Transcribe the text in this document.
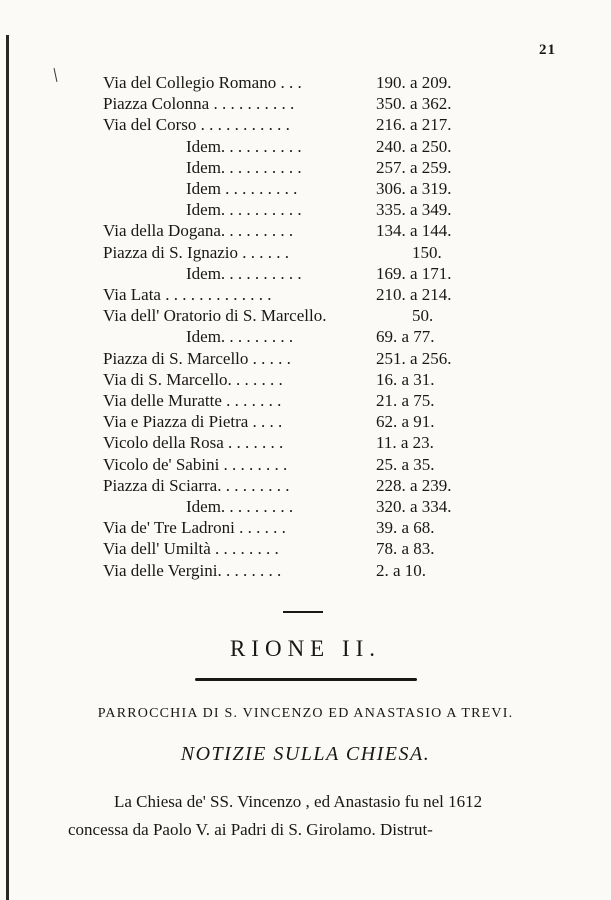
21
Via del Collegio Romano . . .	190. a 209.
Piazza Colonna . . . . . . . . . .	350. a 362.
Via del Corso . . . . . . . . . . .	216. a 217.
Idem. . . . . . . . . .	240. a 250.
Idem. . . . . . . . . .	257. a 259.
Idem . . . . . . . . .	306. a 319.
Idem. . . . . . . . . .	335. a 349.
Via della Dogana. . . . . . . . .	134. a 144.
Piazza di S. Ignazio . . . . . .	150.
Idem. . . . . . . . . .	169. a 171.
Via Lata . . . . . . . . . . . . .	210. a 214.
Via dell' Oratorio di S. Marcello.	50.
Idem. . . . . . . . .	69. a 77.
Piazza di S. Marcello . . . . .	251. a 256.
Via di S. Marcello. . . . . . .	16. a 31.
Via delle Muratte . . . . . . .	21. a 75.
Via e Piazza di Pietra . . . .	62. a 91.
Vicolo della Rosa . . . . . . .	11. a 23.
Vicolo de' Sabini . . . . . . . .	25. a 35.
Piazza di Sciarra. . . . . . . . .	228. a 239.
Idem. . . . . . . . .	320. a 334.
Via de' Tre Ladroni . . . . . .	39. a 68.
Via dell' Umiltà . . . . . . . .	78. a 83.
Via delle Vergini. . . . . . . .	2. a 10.
RIONE II.
PARROCCHIA DI S. VINCENZO ED ANASTASIO A TREVI.
NOTIZIE SULLA CHIESA.
La Chiesa de' SS. Vincenzo , ed Anastasio fu nel 1612
concessa da Paolo V. ai Padri di S. Girolamo. Distrut-
